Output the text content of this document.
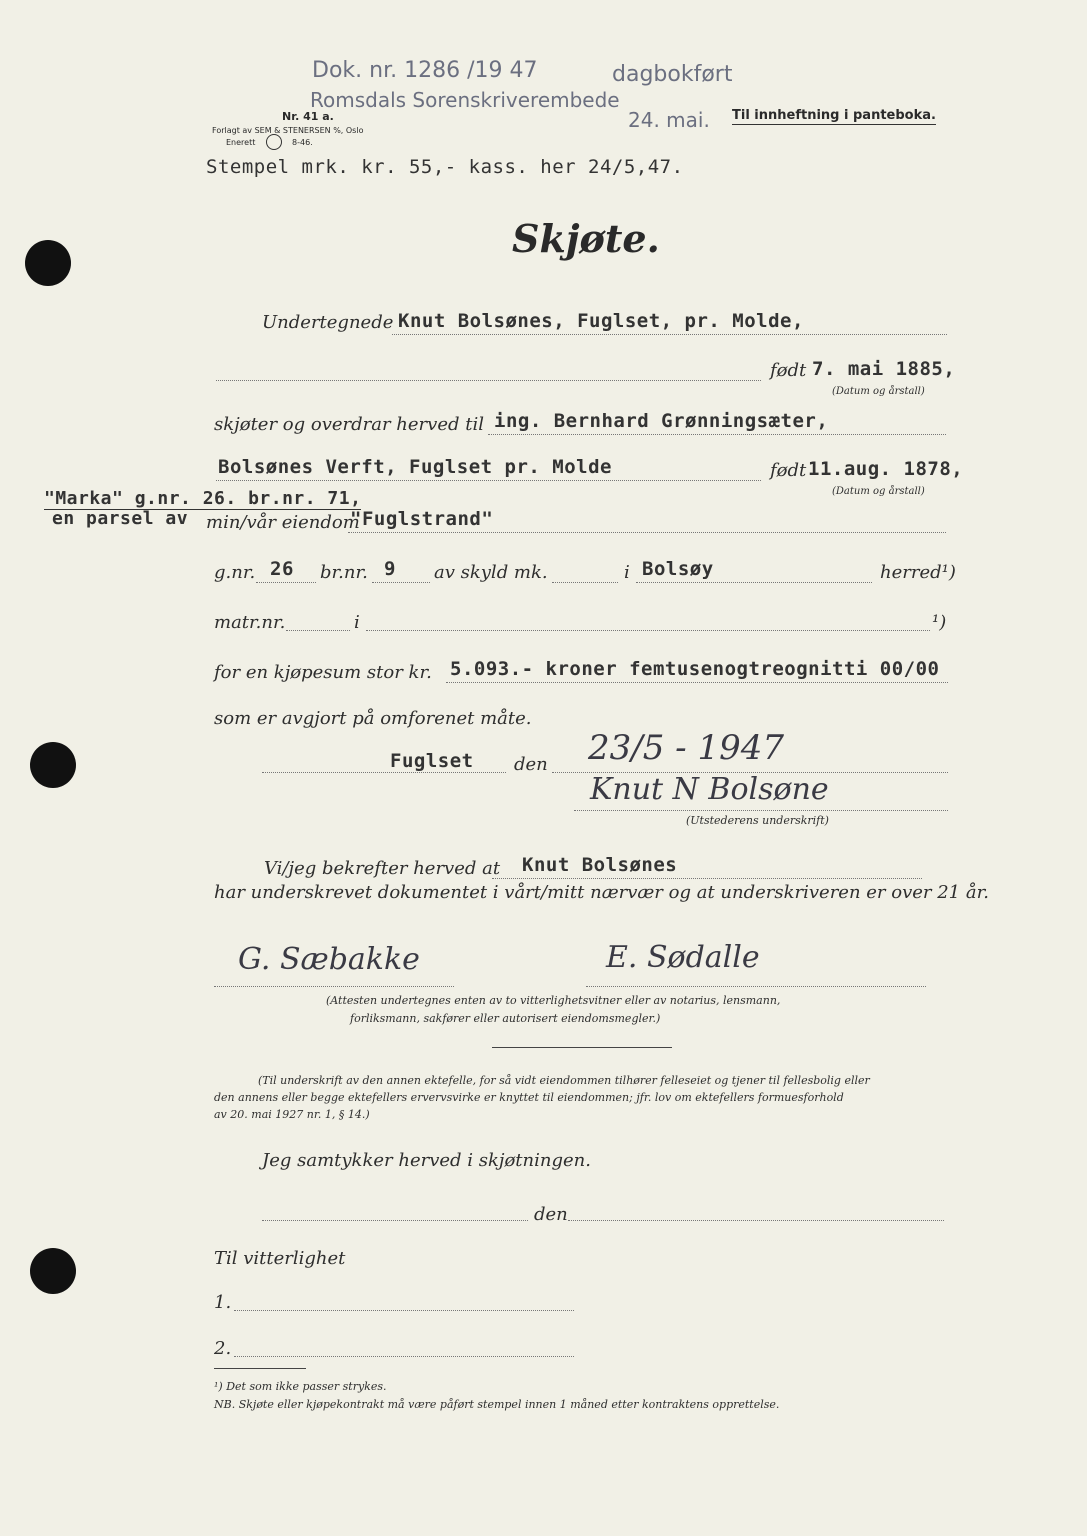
Dok. nr. 1286 /19 47	dagbokført
Romsdals Sorenskriverembede
24. mai.
Nr. 41 a.
Forlagt av SEM & STENERSEN %, Oslo
Enerett	8-46.
Til innheftning i panteboka.
Stempel mrk. kr. 55,- kass. her 24/5,47.
Skjøte.
Undertegnede Knut Bolsønes, Fuglset, pr. Molde,
født 7. mai 1885,
(Datum og årstall)
skjøter og overdrar herved til ing. Bernhard Grønningsæter,
Bolsønes Verft, Fuglset pr. Molde	født 11.aug. 1878,
(Datum og årstall)
"Marka" g.nr. 26. br.nr. 71,
en parsel av min/vår eiendom
"Fuglstrand"
g.nr. 26 br.nr. 9 av skyld mk.	i Bolsøy	herred¹)
matr.nr.	i	¹)
for en kjøpesum stor kr. 5.093.- kroner femtusenogtreognitti 00/00
som er avgjort på omforenet måte.
Fuglset den 23/5 - 1947
Knut N Bolsøne
(Utstederens underskrift)
Vi/jeg bekrefter herved at Knut Bolsønes
har underskrevet dokumentet i vårt/mitt nærvær og at underskriveren er over 21 år.
G. Sæbakke	E. Sødalle
(Attesten undertegnes enten av to vitterlighetsvitner eller av notarius, lensmann,
forliksmann, sakfører eller autorisert eiendomsmegler.)
(Til underskrift av den annen ektefelle, for så vidt eiendommen tilhører felleseiet og tjener til fellesbolig eller
den annens eller begge ektefellers ervervsvirke er knyttet til eiendommen; jfr. lov om ektefellers formuesforhold
av 20. mai 1927 nr. 1, § 14.)
Jeg samtykker herved i skjøtningen.
den
Til vitterlighet
1.
2.
¹) Det som ikke passer strykes.
NB. Skjøte eller kjøpekontrakt må være påført stempel innen 1 måned etter kontraktens opprettelse.
